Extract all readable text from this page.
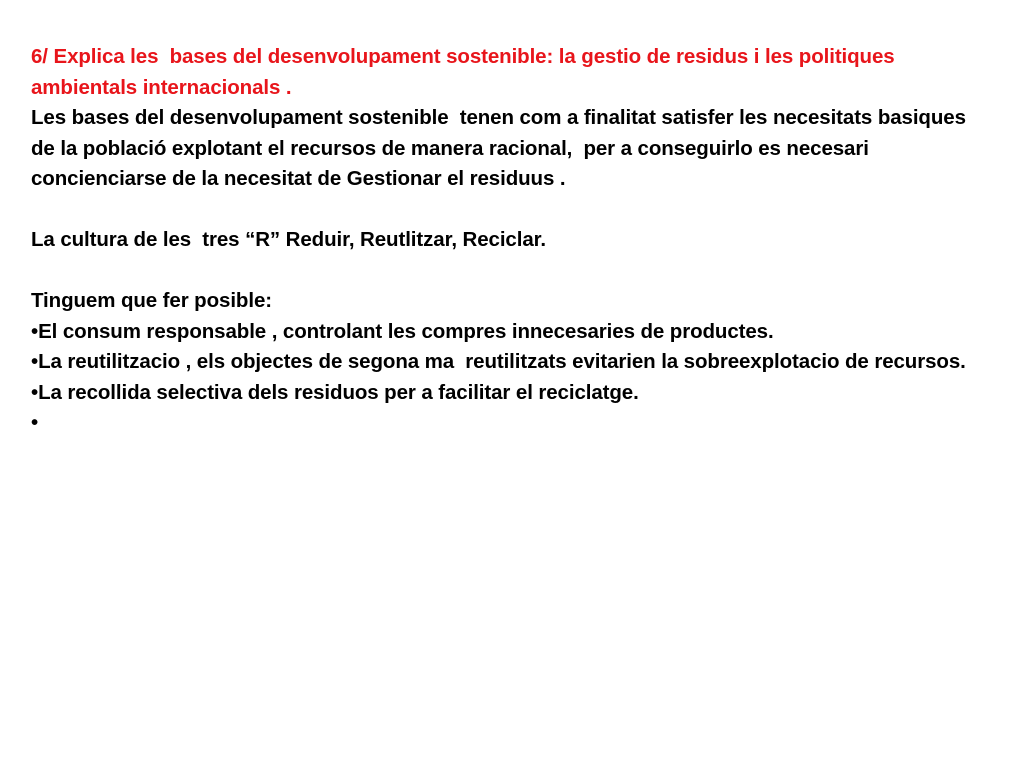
6/ Explica les  bases del desenvolupament sostenible: la gestio de residus i les politiques ambientals internacionals .

Les bases del desenvolupament sostenible  tenen com a finalitat satisfer les necesitats basiques de la població explotant el recursos de manera racional,  per a conseguirlo es necesari concienciarse de la necesitat de Gestionar el residuus .

La cultura de les  tres “R” Reduir, Reutlitzar, Reciclar.

Tinguem que fer posible:

•El consum responsable , controlant les compres innecesaries de productes.

•La reutilitzacio , els objectes de segona ma  reutilitzats evitarien la sobreexplotacio de recursos.

•La recollida selectiva dels residuos per a facilitar el reciclatge.

•
